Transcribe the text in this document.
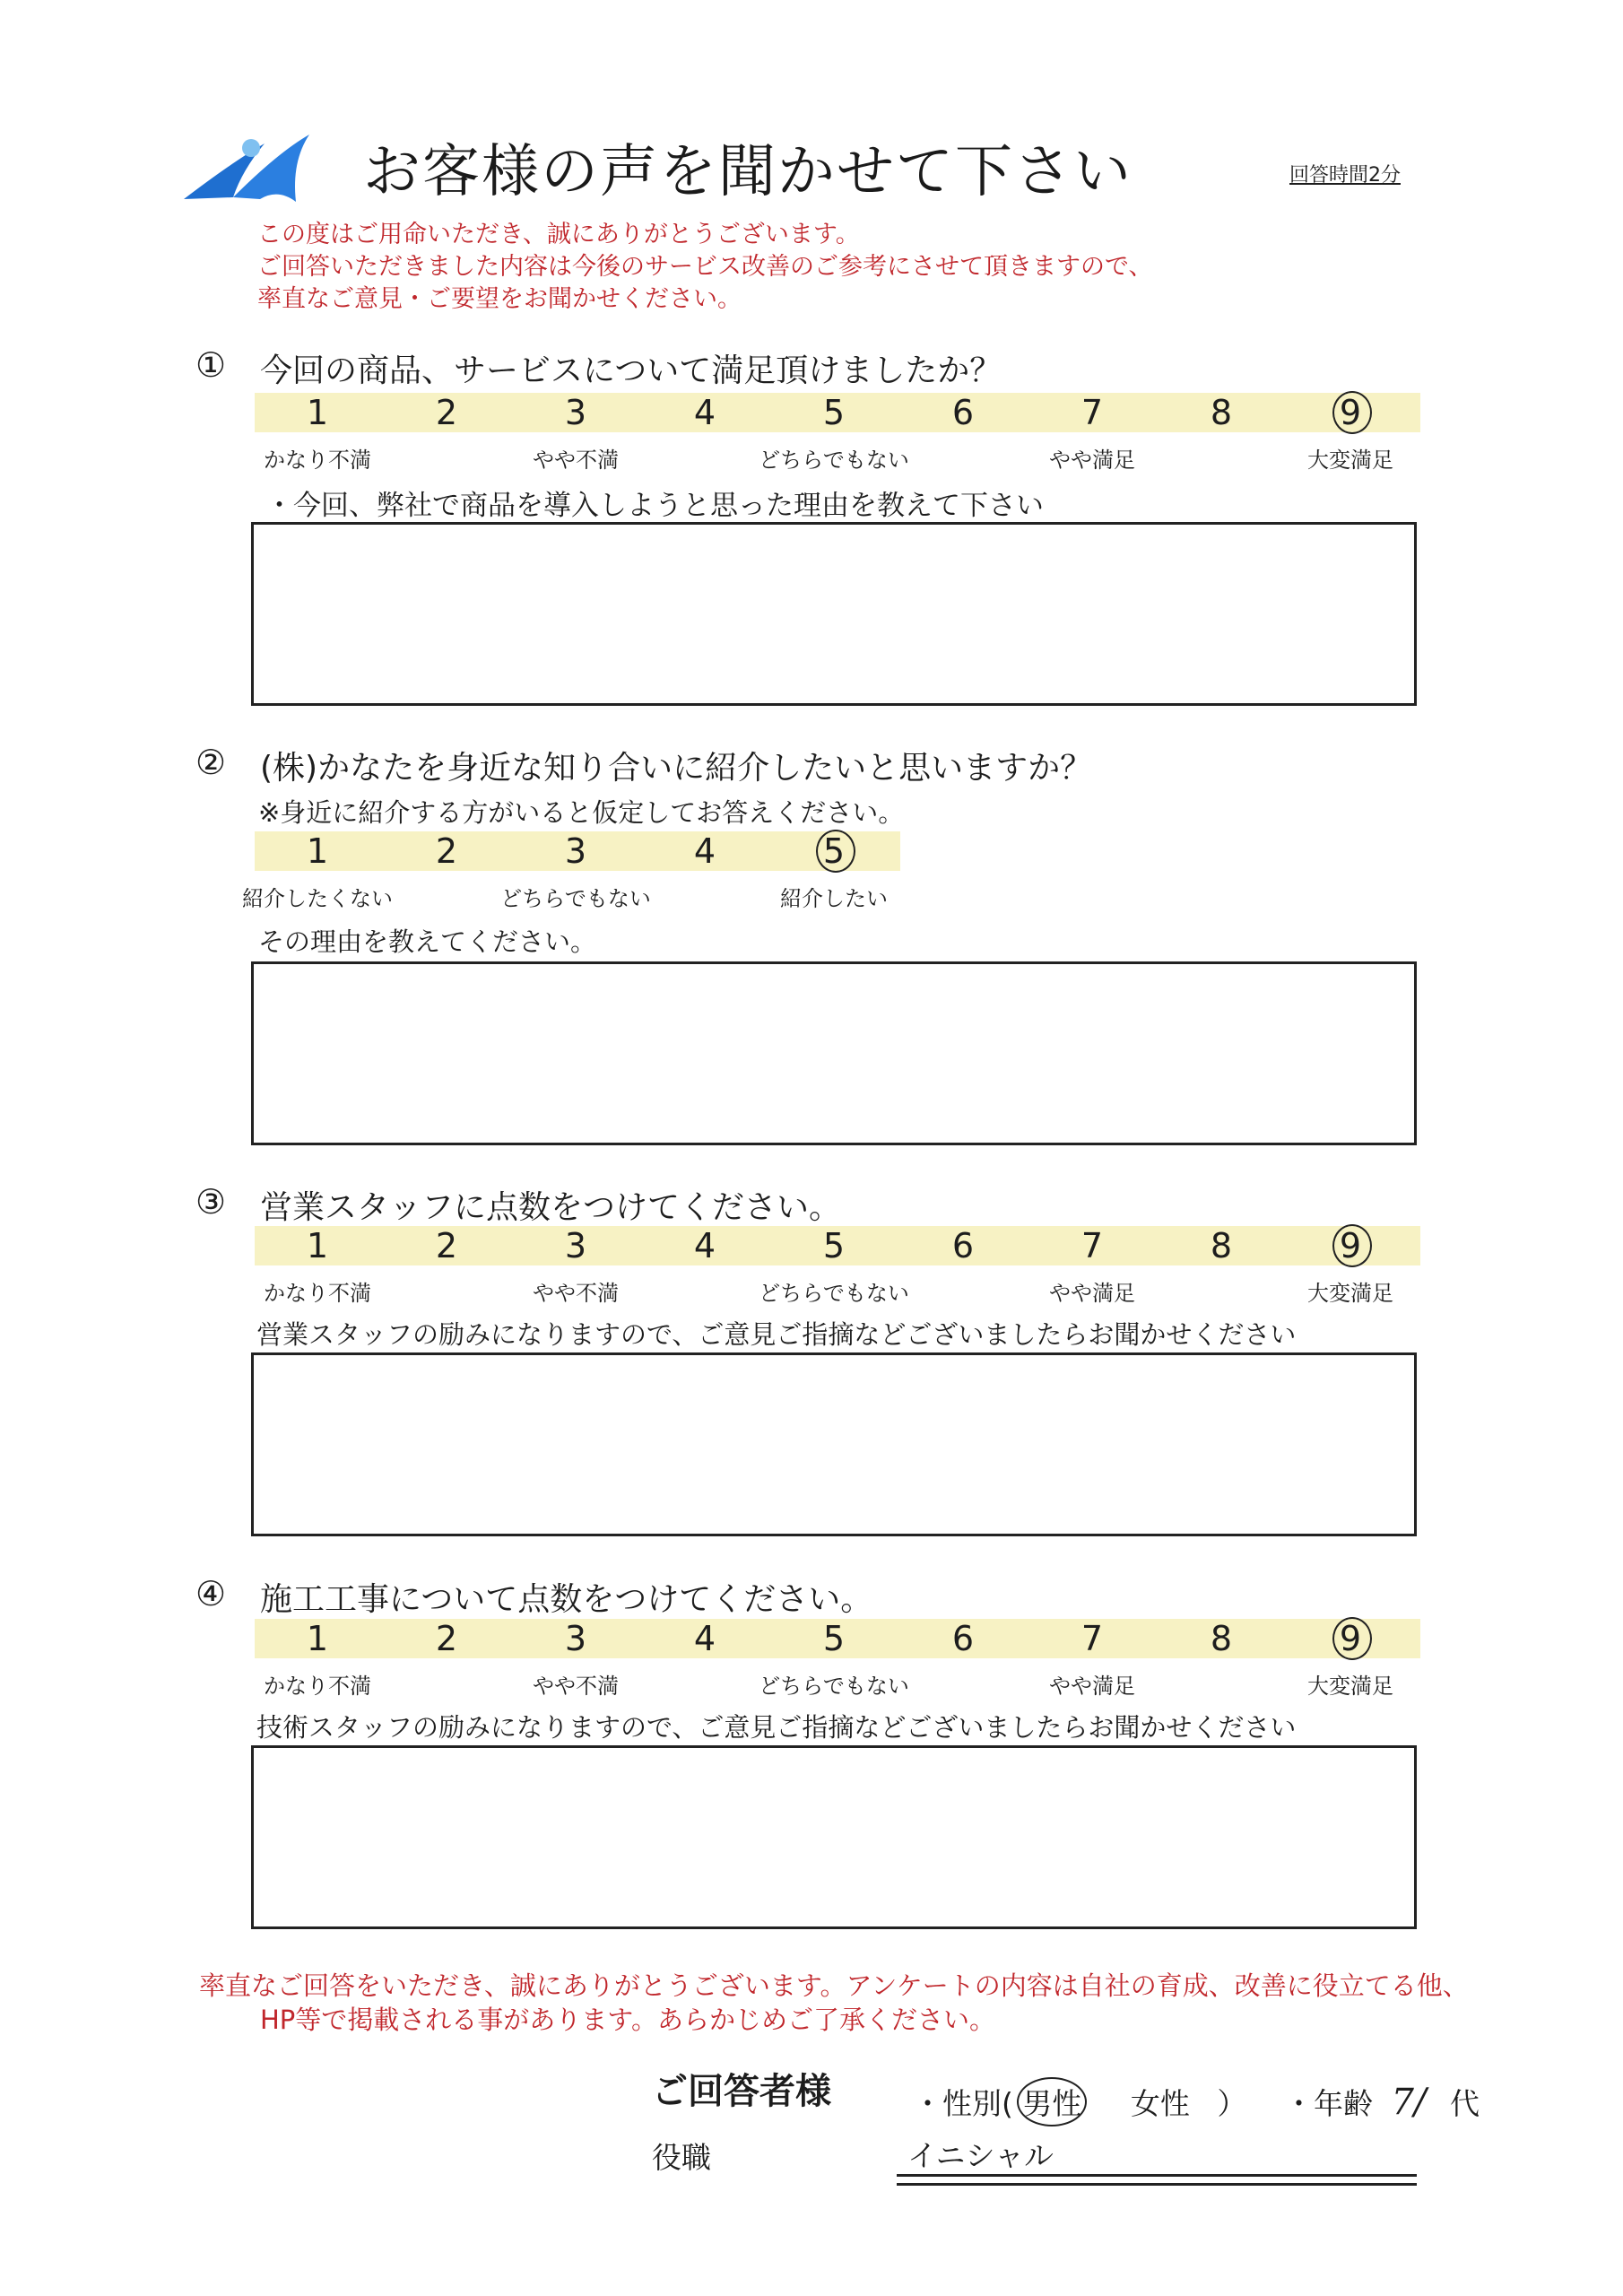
お客様の声を聞かせて下さい	回答時間2分
この度はご用命いただき、誠にありがとうございます。
ご回答いただきました内容は今後のサービス改善のご参考にさせて頂きますので、
率直なご意見・ご要望をお聞かせください。
① 今回の商品、サービスについて満足頂けましたか？
1	2	3	4	5	6	7	8	9
かなり不満	やや不満	どちらでもない	やや満足	大変満足
・今回、弊社で商品を導入しようと思った理由を教えて下さい
② (株)かなたを身近な知り合いに紹介したいと思いますか？
※身近に紹介する方がいると仮定してお答えください。
1	2	3	4	5
紹介したくない	どちらでもない	紹介したい
その理由を教えてください。
③ 営業スタッフに点数をつけてください。
1	2	3	4	5	6	7	8	9
かなり不満	やや不満	どちらでもない	やや満足	大変満足
営業スタッフの励みになりますので、ご意見ご指摘などございましたらお聞かせください
④ 施工工事について点数をつけてください。
1	2	3	4	5	6	7	8	9
かなり不満	やや不満	どちらでもない	やや満足	大変満足
技術スタッフの励みになりますので、ご意見ご指摘などございましたらお聞かせください
率直なご回答をいただき、誠にありがとうございます。アンケートの内容は自社の育成、改善に役立てる他、
HP等で掲載される事があります。あらかじめご了承ください。
ご回答者様	・性別( 男性 女性 ） ・年齢 7/ 代
役職	イニシャル
